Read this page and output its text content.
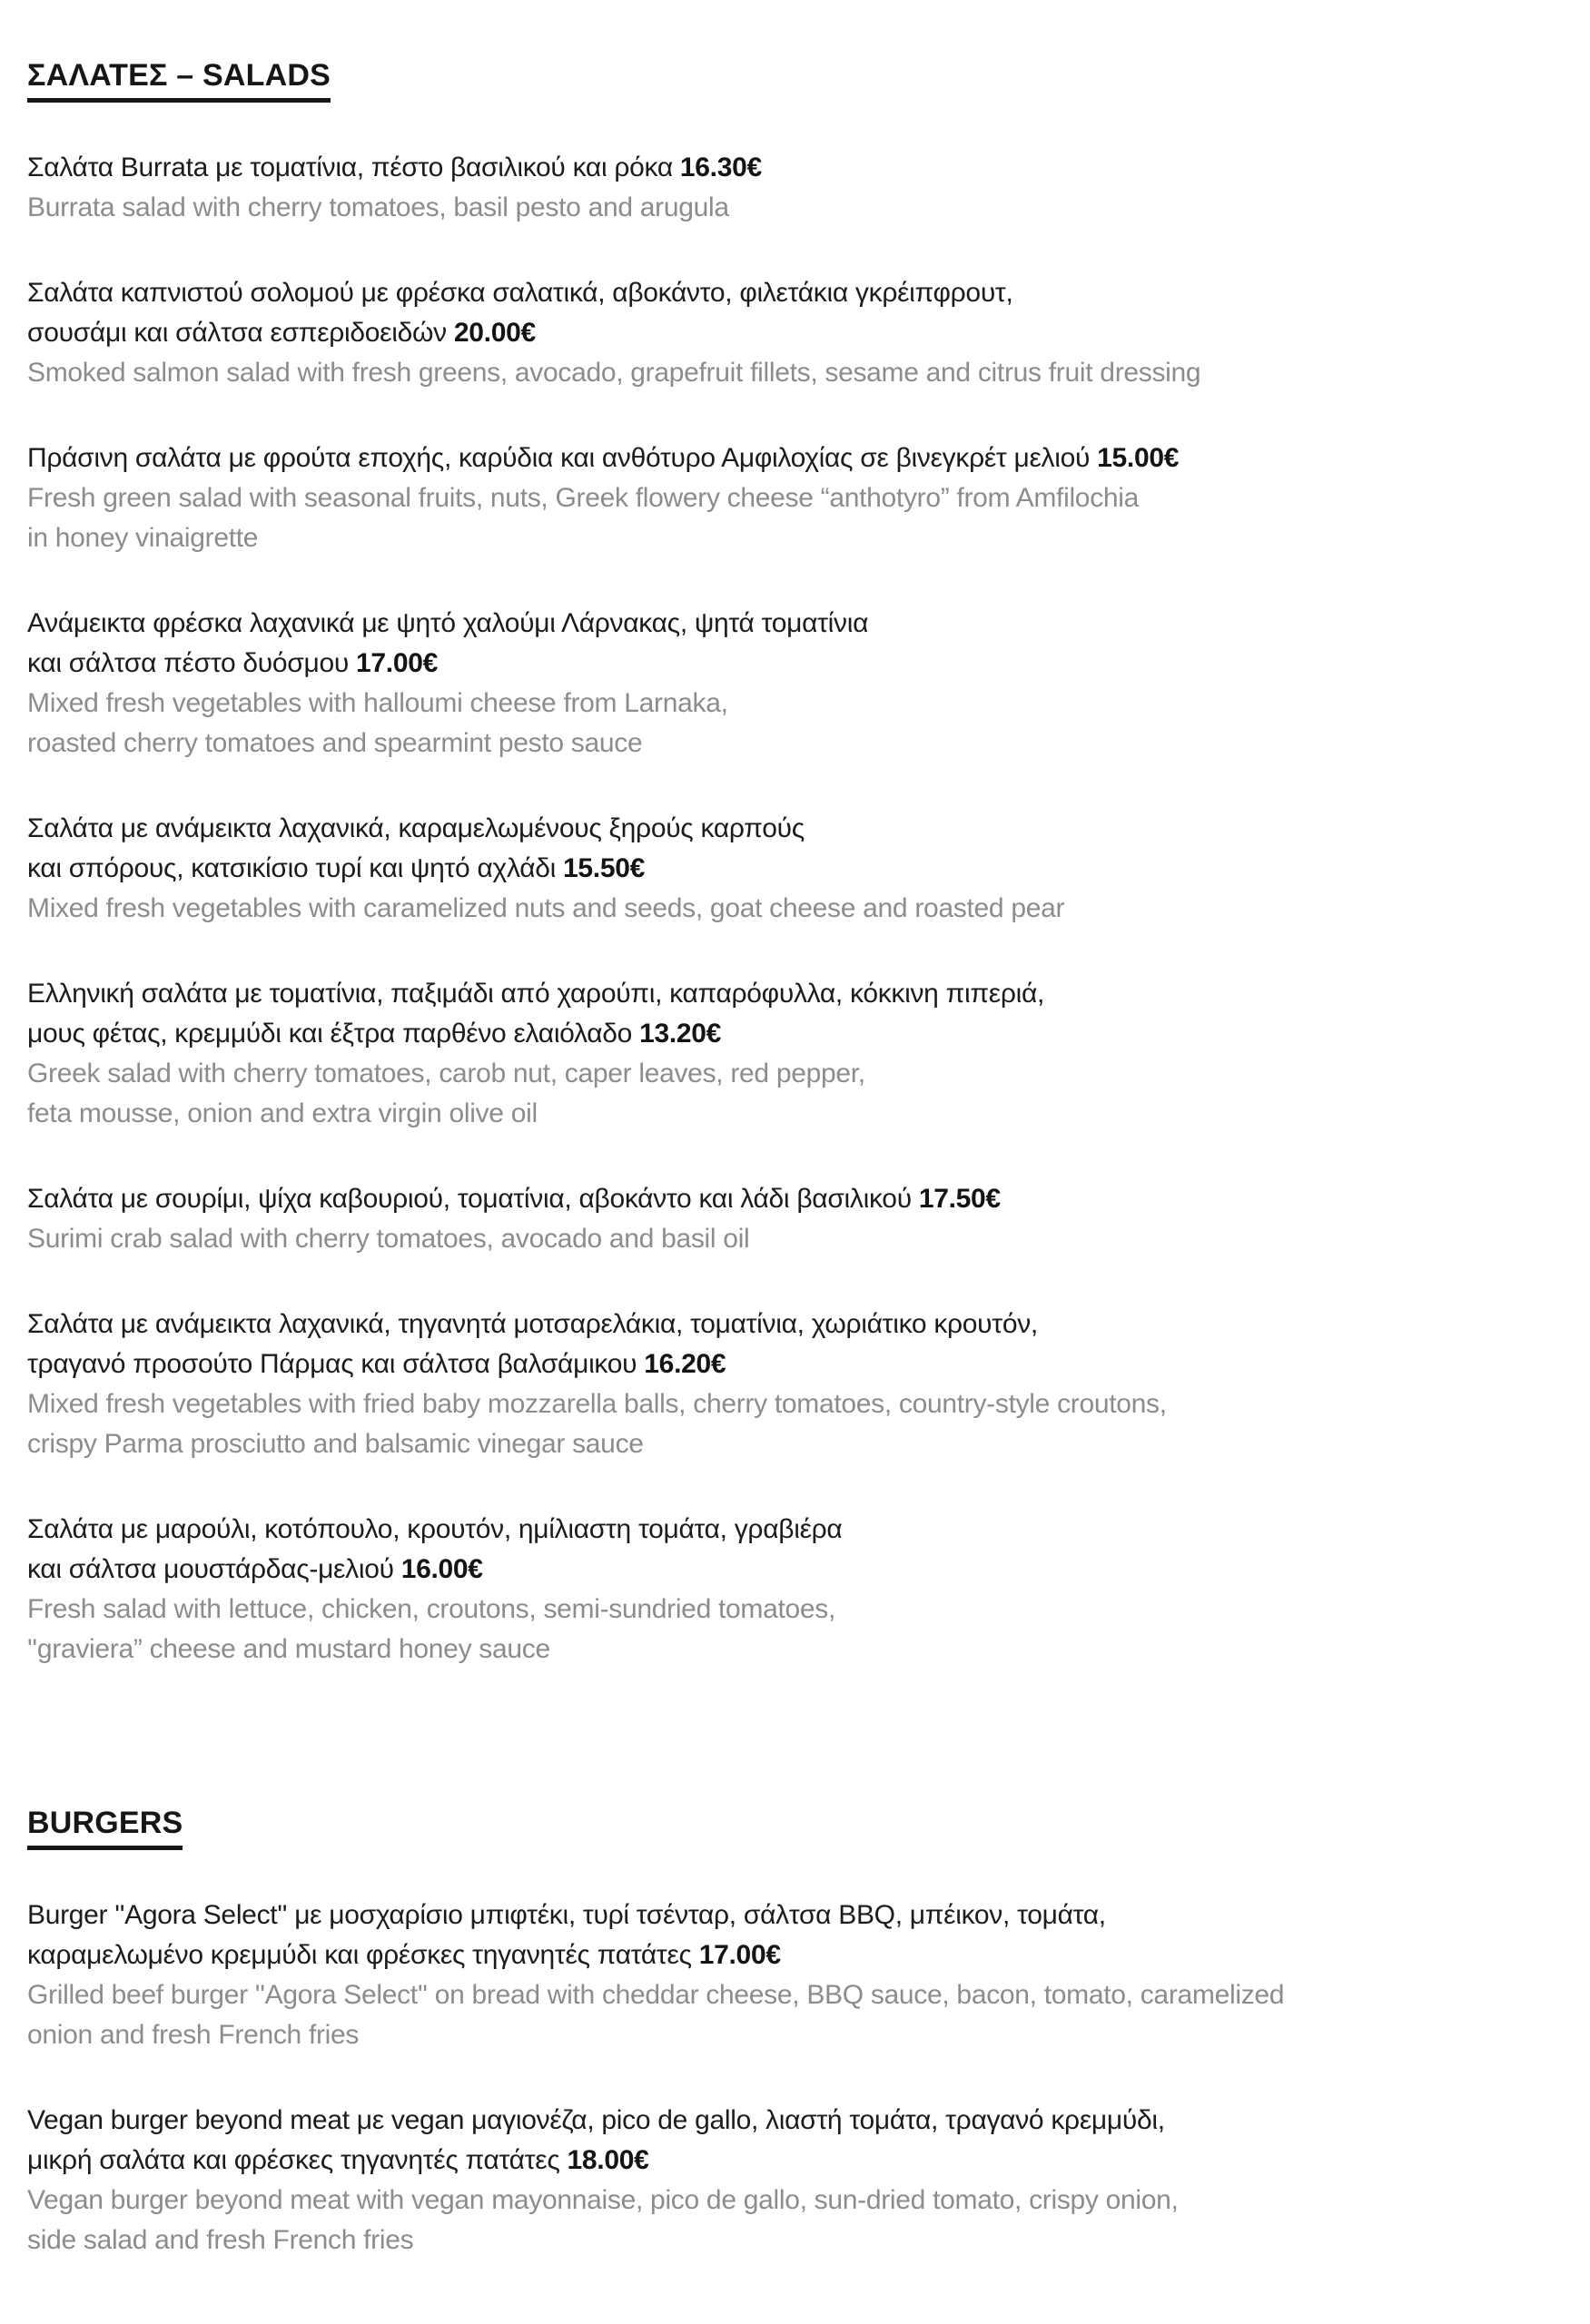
ΣΑΛΑΤΕΣ – SALADS
Σαλάτα Burrata με τοματίνια, πέστο βασιλικού και ρόκα 16.30€
Burrata salad with cherry tomatoes, basil pesto and arugula
Σαλάτα καπνιστού σολομού με φρέσκα σαλατικά, αβοκάντο, φιλετάκια γκρέιπφρουτ,
σουσάμι και σάλτσα εσπεριδοειδών 20.00€
Smoked salmon salad with fresh greens, avocado, grapefruit fillets, sesame and citrus fruit dressing
Πράσινη σαλάτα με φρούτα εποχής, καρύδια και ανθότυρο Αμφιλοχίας σε βινεγκρέτ μελιού 15.00€
Fresh green salad with seasonal fruits, nuts, Greek flowery cheese “anthotyro” from Amfilochia
in honey vinaigrette
Ανάμεικτα φρέσκα λαχανικά με ψητό χαλούμι Λάρνακας, ψητά τοματίνια
και σάλτσα πέστο δυόσμου 17.00€
Mixed fresh vegetables with halloumi cheese from Larnaka,
roasted cherry tomatoes and spearmint pesto sauce
Σαλάτα με ανάμεικτα λαχανικά, καραμελωμένους ξηρούς καρπούς
και σπόρους, κατσικίσιο τυρί και ψητό αχλάδι 15.50€
Mixed fresh vegetables with caramelized nuts and seeds, goat cheese and roasted pear
Ελληνική σαλάτα με τοματίνια, παξιμάδι από χαρούπι, καπαρόφυλλα, κόκκινη πιπεριά,
μους φέτας, κρεμμύδι και έξτρα παρθένο ελαιόλαδο 13.20€
Greek salad with cherry tomatoes, carob nut, caper leaves, red pepper,
feta mousse, onion and extra virgin olive oil
Σαλάτα με σουρίμι, ψίχα καβουριού, τοματίνια, αβοκάντο και λάδι βασιλικού 17.50€
Surimi crab salad with cherry tomatoes, avocado and basil oil
Σαλάτα με ανάμεικτα λαχανικά, τηγανητά μοτσαρελάκια, τοματίνια, χωριάτικο κρουτόν,
τραγανό προσούτο Πάρμας και σάλτσα βαλσάμικου 16.20€
Mixed fresh vegetables with fried baby mozzarella balls, cherry tomatoes, country-style croutons,
crispy Parma prosciutto and balsamic vinegar sauce
Σαλάτα με μαρούλι, κοτόπουλο, κρουτόν, ημίλιαστη τομάτα, γραβιέρα
και σάλτσα μουστάρδας-μελιού 16.00€
Fresh salad with lettuce, chicken, croutons, semi-sundried tomatoes,
''graviera” cheese and mustard honey sauce
BURGERS
Burger ''Agora Select'' με μοσχαρίσιο μπιφτέκι, τυρί τσένταρ, σάλτσα BBQ, μπέικον, τομάτα,
καραμελωμένο κρεμμύδι και φρέσκες τηγανητές πατάτες 17.00€
Grilled beef burger ''Agora Select'' on bread with cheddar cheese, BBQ sauce, bacon, tomato, caramelized
onion and fresh French fries
Vegan burger beyond meat με vegan μαγιονέζα, pico de gallo, λιαστή τομάτα, τραγανό κρεμμύδι,
μικρή σαλάτα και φρέσκες τηγανητές πατάτες 18.00€
Vegan burger beyond meat with vegan mayonnaise, pico de gallo, sun-dried tomato, crispy onion,
side salad and fresh French fries
